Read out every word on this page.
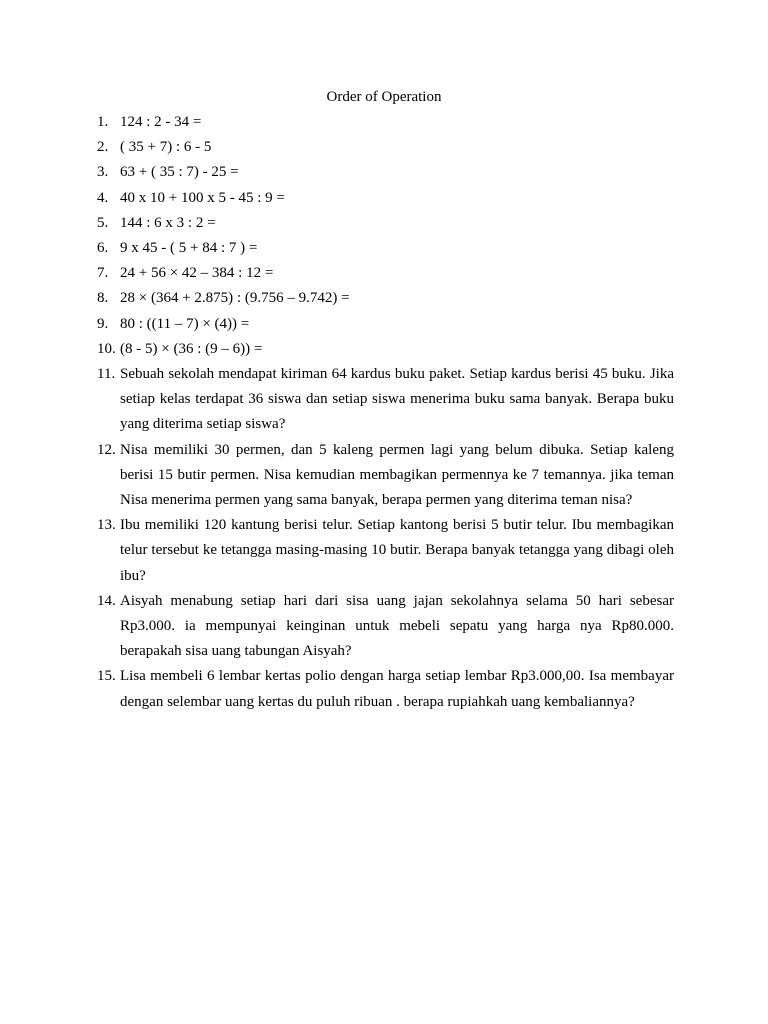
Order of Operation
1. 124 : 2 - 34 =
2. ( 35 + 7) : 6 - 5
3. 63 + ( 35 : 7) - 25 =
4. 40 x 10 + 100 x 5 - 45 : 9 =
5. 144 : 6 x 3 : 2 =
6. 9 x 45 - ( 5 + 84 : 7 ) =
7. 24 + 56 × 42 – 384 : 12 =
8. 28 × (364 + 2.875) : (9.756 – 9.742) =
9. 80 : ((11 – 7) × (4)) =
10. (8 - 5) × (36 : (9 – 6)) =
11. Sebuah sekolah mendapat kiriman 64 kardus buku paket. Setiap kardus berisi 45 buku. Jika setiap kelas terdapat 36 siswa dan setiap siswa menerima buku sama banyak. Berapa buku yang diterima setiap siswa?
12. Nisa memiliki 30 permen, dan 5 kaleng permen lagi yang belum dibuka. Setiap kaleng berisi 15 butir permen. Nisa kemudian membagikan permennya ke 7 temannya. jika teman Nisa menerima permen yang sama banyak, berapa permen yang diterima teman nisa?
13. Ibu memiliki 120 kantung berisi telur. Setiap kantong berisi 5 butir telur. Ibu membagikan telur tersebut ke tetangga masing-masing 10 butir. Berapa banyak tetangga yang dibagi oleh ibu?
14. Aisyah menabung setiap hari dari sisa uang jajan sekolahnya selama 50 hari sebesar Rp3.000. ia mempunyai keinginan untuk mebeli sepatu yang harga nya Rp80.000. berapakah sisa uang tabungan Aisyah?
15. Lisa membeli 6 lembar kertas polio dengan harga setiap lembar Rp3.000,00. Isa membayar dengan selembar uang kertas du puluh ribuan . berapa rupiahkah uang kembaliannya?
